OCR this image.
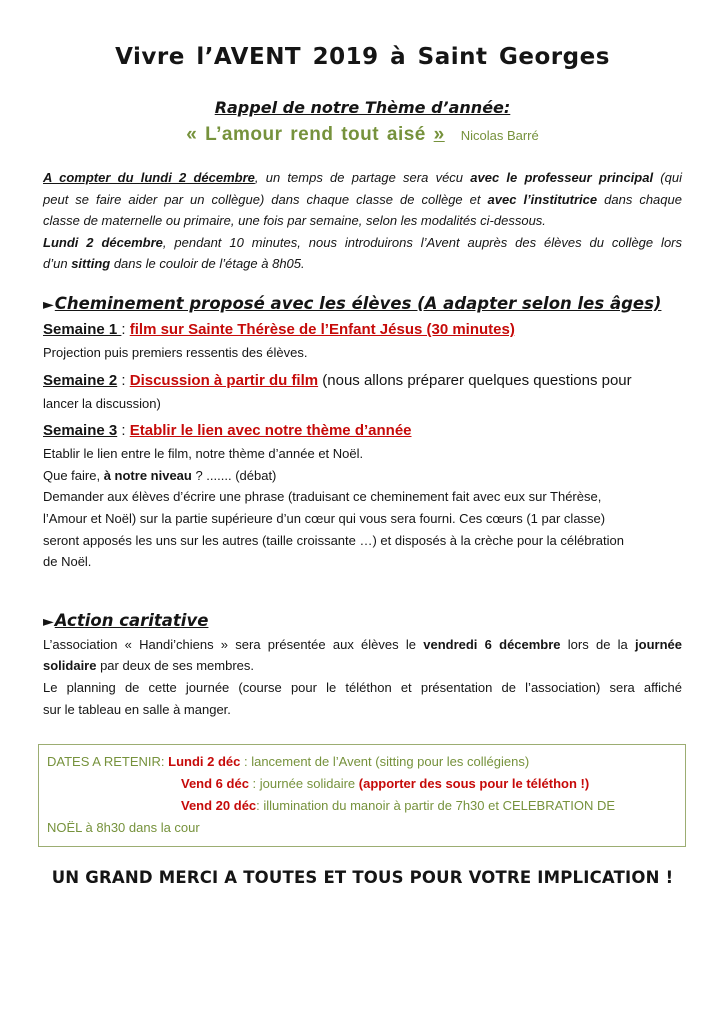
Vivre l’AVENT 2019 à Saint Georges
Rappel de notre Thème d’année:
« L’amour rend tout aisé » Nicolas Barré
A compter du lundi 2 décembre, un temps de partage sera vécu avec le professeur principal (qui
peut se faire aider par un collègue) dans chaque classe de collège et avec l’institutrice dans chaque
classe de maternelle ou primaire, une fois par semaine, selon les modalités ci-dessous.
Lundi 2 décembre, pendant 10 minutes, nous introduirons l’Avent auprès des élèves du collège lors
d’un sitting dans le couloir de l’étage à 8h05.
►Cheminement proposé avec les élèves (A adapter selon les âges)
Semaine 1 : film sur Sainte Thérèse de l’Enfant Jésus (30 minutes)
Projection puis premiers ressentis des élèves.
Semaine 2 : Discussion à partir du film (nous allons préparer quelques questions pour
lancer la discussion)
Semaine 3 : Etablir le lien avec notre thème d’année
Etablir le lien entre le film, notre thème d’année et Noël.
Que faire, à notre niveau ? ....... (débat)
Demander aux élèves d’écrire une phrase (traduisant ce cheminement fait avec eux sur Thérèse,
l’Amour et Noël) sur la partie supérieure d’un cœur qui vous sera fourni. Ces cœurs (1 par classe)
seront apposés les uns sur les autres (taille croissante …) et disposés à la crèche pour la célébration
de Noël.
►Action caritative
L’association « Handi’chiens » sera présentée aux élèves le vendredi 6 décembre lors de la journée
solidaire par deux de ses membres.
Le planning de cette journée (course pour le téléthon et présentation de l’association) sera affiché
sur le tableau en salle à manger.
DATES A RETENIR: Lundi 2 déc : lancement de l’Avent (sitting pour les collégiens)
Vend 6 déc : journée solidaire (apporter des sous pour le téléthon !)
Vend 20 déc: illumination du manoir à partir de 7h30 et CELEBRATION DE
NOËL à 8h30 dans la cour
UN GRAND MERCI A TOUTES ET TOUS POUR VOTRE IMPLICATION !
